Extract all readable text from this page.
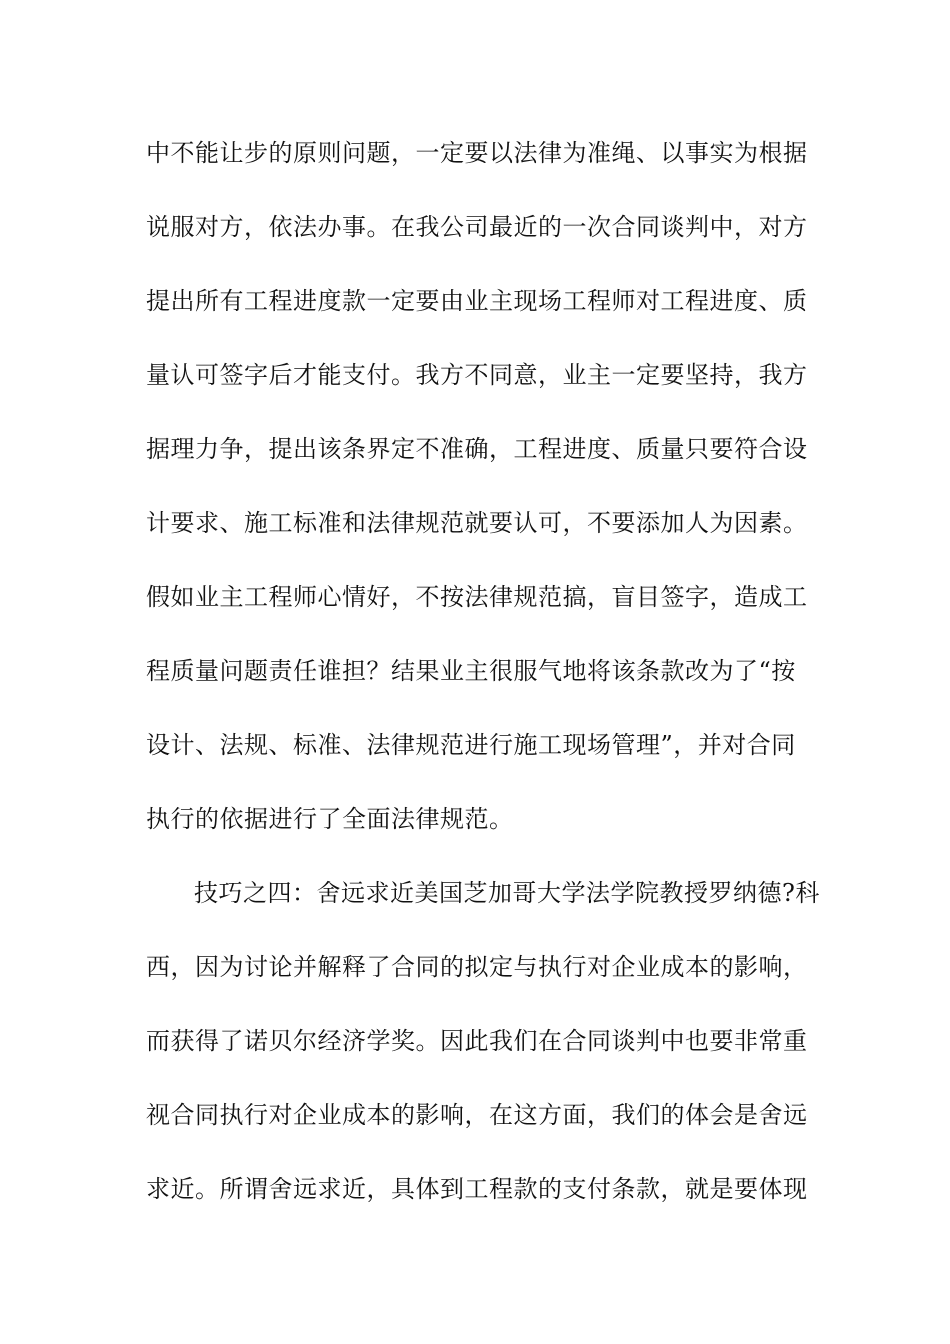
中不能让步的原则问题，一定要以法律为准绳、以事实为根据
说服对方，依法办事。在我公司最近的一次合同谈判中，对方
提出所有工程进度款一定要由业主现场工程师对工程进度、质
量认可签字后才能支付。我方不同意，业主一定要坚持，我方
据理力争，提出该条界定不准确，工程进度、质量只要符合设
计要求、施工标准和法律规范就要认可，不要添加人为因素。
假如业主工程师心情好，不按法律规范搞，盲目签字，造成工
程质量问题责任谁担？结果业主很服气地将该条款改为了“按
设计、法规、标准、法律规范进行施工现场管理”，并对合同
执行的依据进行了全面法律规范。
技巧之四：舍远求近美国芝加哥大学法学院教授罗纳德?科
西，因为讨论并解释了合同的拟定与执行对企业成本的影响，
而获得了诺贝尔经济学奖。因此我们在合同谈判中也要非常重
视合同执行对企业成本的影响，在这方面，我们的体会是舍远
求近。所谓舍远求近，具体到工程款的支付条款，就是要体现
